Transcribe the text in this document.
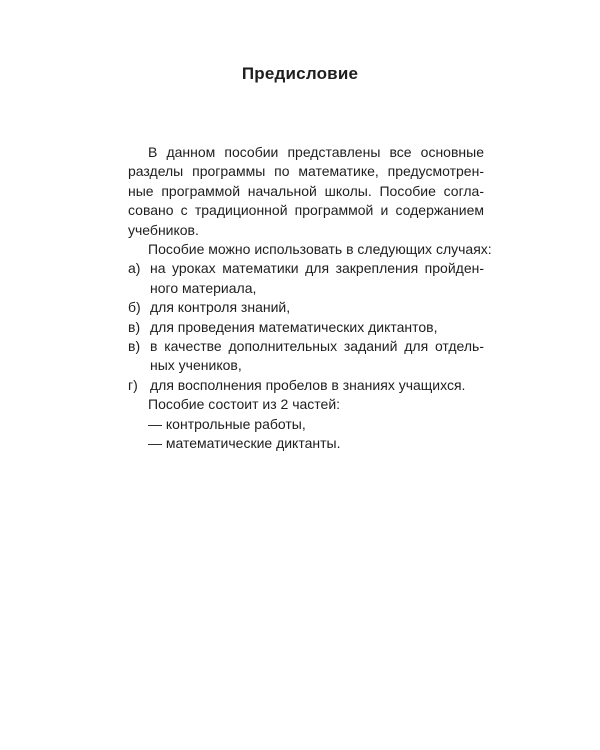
Предисловие
В данном пособии представлены все основные
разделы программы по математике, предусмотрен-
ные программой начальной школы. Пособие согла-
совано с традиционной программой и содержанием
учебников.
Пособие можно использовать в следующих случаях:
а) на уроках математики для закрепления пройден-
ного материала,
б) для контроля знаний,
в) для проведения математических диктантов,
в) в качестве дополнительных заданий для отдель-
ных учеников,
г) для восполнения пробелов в знаниях учащихся.
Пособие состоит из 2 частей:
— контрольные работы,
— математические диктанты.
